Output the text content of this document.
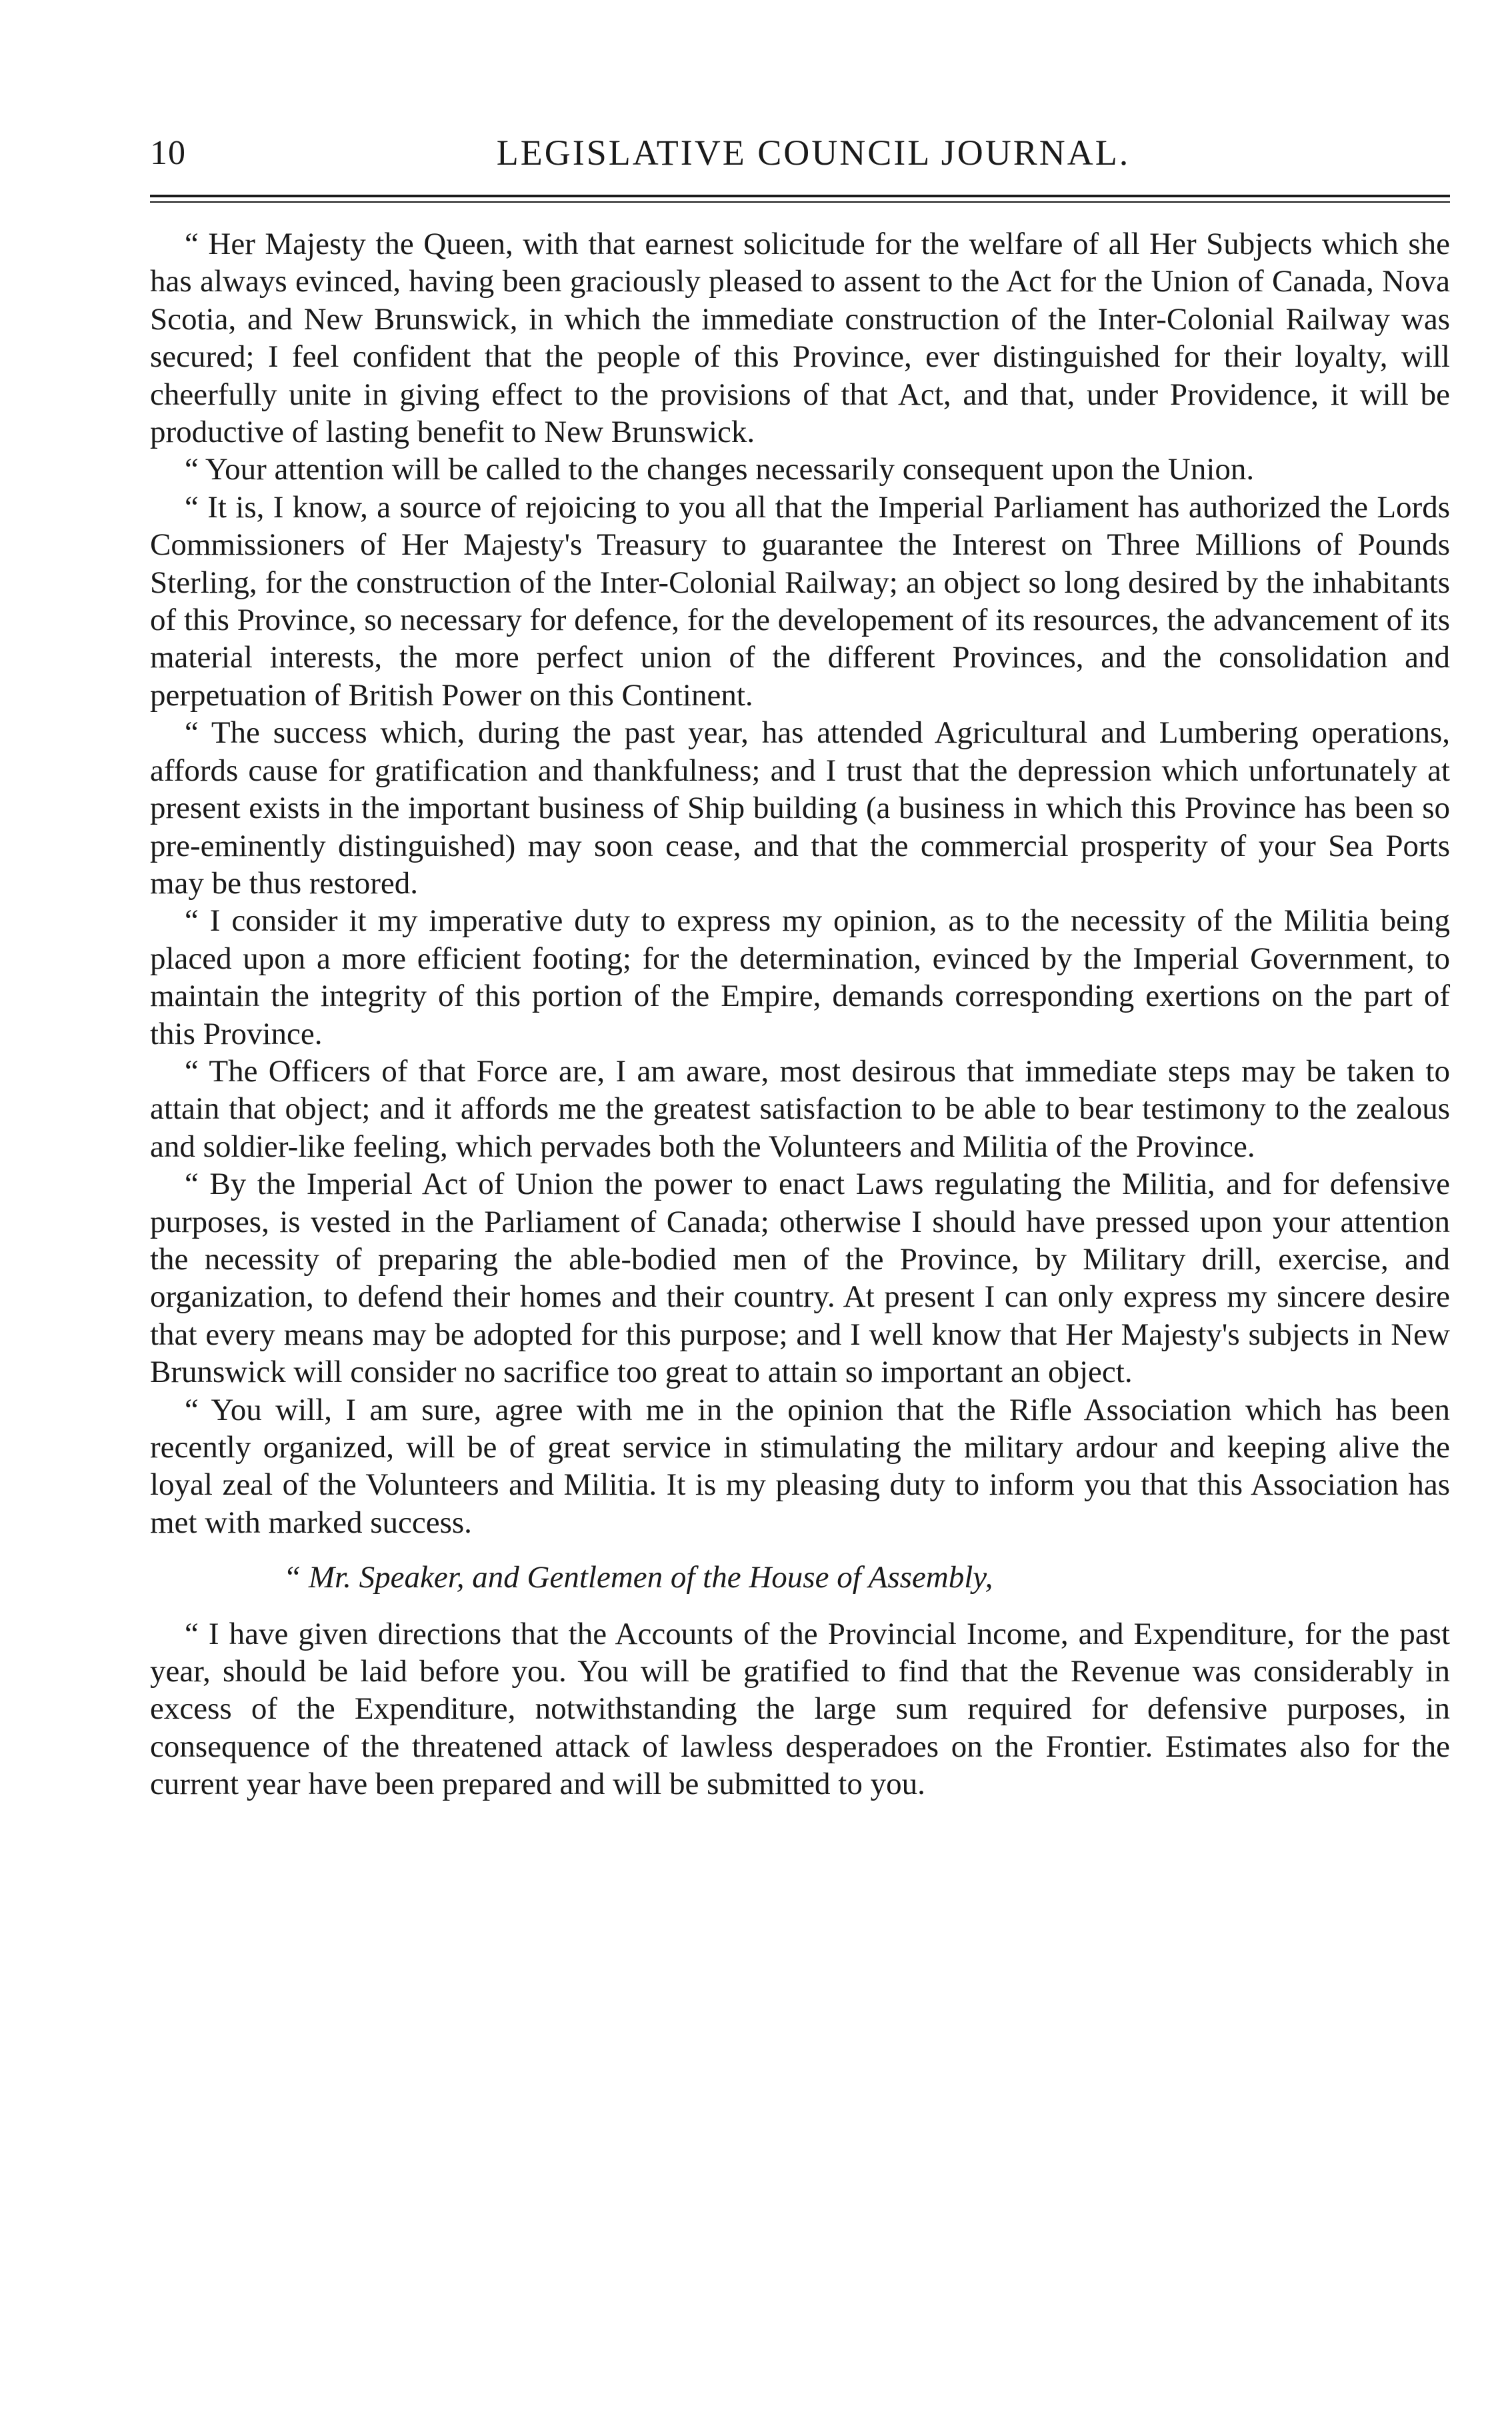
10	LEGISLATIVE COUNCIL JOURNAL.

“ Her Majesty the Queen, with that earnest solicitude for the welfare of all Her Subjects which she has always evinced, having been graciously pleased to assent to the Act for the Union of Canada, Nova Scotia, and New Brunswick, in which the immediate construction of the Inter-Colonial Railway was secured; I feel confident that the people of this Province, ever distinguished for their loyalty, will cheerfully unite in giving effect to the provisions of that Act, and that, under Providence, it will be productive of lasting benefit to New Brunswick.

“ Your attention will be called to the changes necessarily consequent upon the Union.

“ It is, I know, a source of rejoicing to you all that the Imperial Parliament has authorized the Lords Commissioners of Her Majesty's Treasury to guarantee the Interest on Three Millions of Pounds Sterling, for the construction of the Inter-Colonial Railway; an object so long desired by the inhabitants of this Province, so necessary for defence, for the developement of its resources, the advancement of its material interests, the more perfect union of the different Provinces, and the consolidation and perpetuation of British Power on this Continent.

“ The success which, during the past year, has attended Agricultural and Lumbering operations, affords cause for gratification and thankfulness; and I trust that the depression which unfortunately at present exists in the important business of Ship building (a business in which this Province has been so pre-eminently distinguished) may soon cease, and that the commercial prosperity of your Sea Ports may be thus restored.

“ I consider it my imperative duty to express my opinion, as to the necessity of the Militia being placed upon a more efficient footing; for the determination, evinced by the Imperial Government, to maintain the integrity of this portion of the Empire, demands corresponding exertions on the part of this Province.

“ The Officers of that Force are, I am aware, most desirous that immediate steps may be taken to attain that object; and it affords me the greatest satisfaction to be able to bear testimony to the zealous and soldier-like feeling, which pervades both the Volunteers and Militia of the Province.

“ By the Imperial Act of Union the power to enact Laws regulating the Militia, and for defensive purposes, is vested in the Parliament of Canada; otherwise I should have pressed upon your attention the necessity of preparing the able-bodied men of the Province, by Military drill, exercise, and organization, to defend their homes and their country. At present I can only express my sincere desire that every means may be adopted for this purpose; and I well know that Her Majesty's subjects in New Brunswick will consider no sacrifice too great to attain so important an object.

“ You will, I am sure, agree with me in the opinion that the Rifle Association which has been recently organized, will be of great service in stimulating the military ardour and keeping alive the loyal zeal of the Volunteers and Militia. It is my pleasing duty to inform you that this Association has met with marked success.

“ Mr. Speaker, and Gentlemen of the House of Assembly,

“ I have given directions that the Accounts of the Provincial Income, and Expenditure, for the past year, should be laid before you. You will be gratified to find that the Revenue was considerably in excess of the Expenditure, notwithstanding the large sum required for defensive purposes, in consequence of the threatened attack of lawless desperadoes on the Frontier. Estimates also for the current year have been prepared and will be submitted to you.
